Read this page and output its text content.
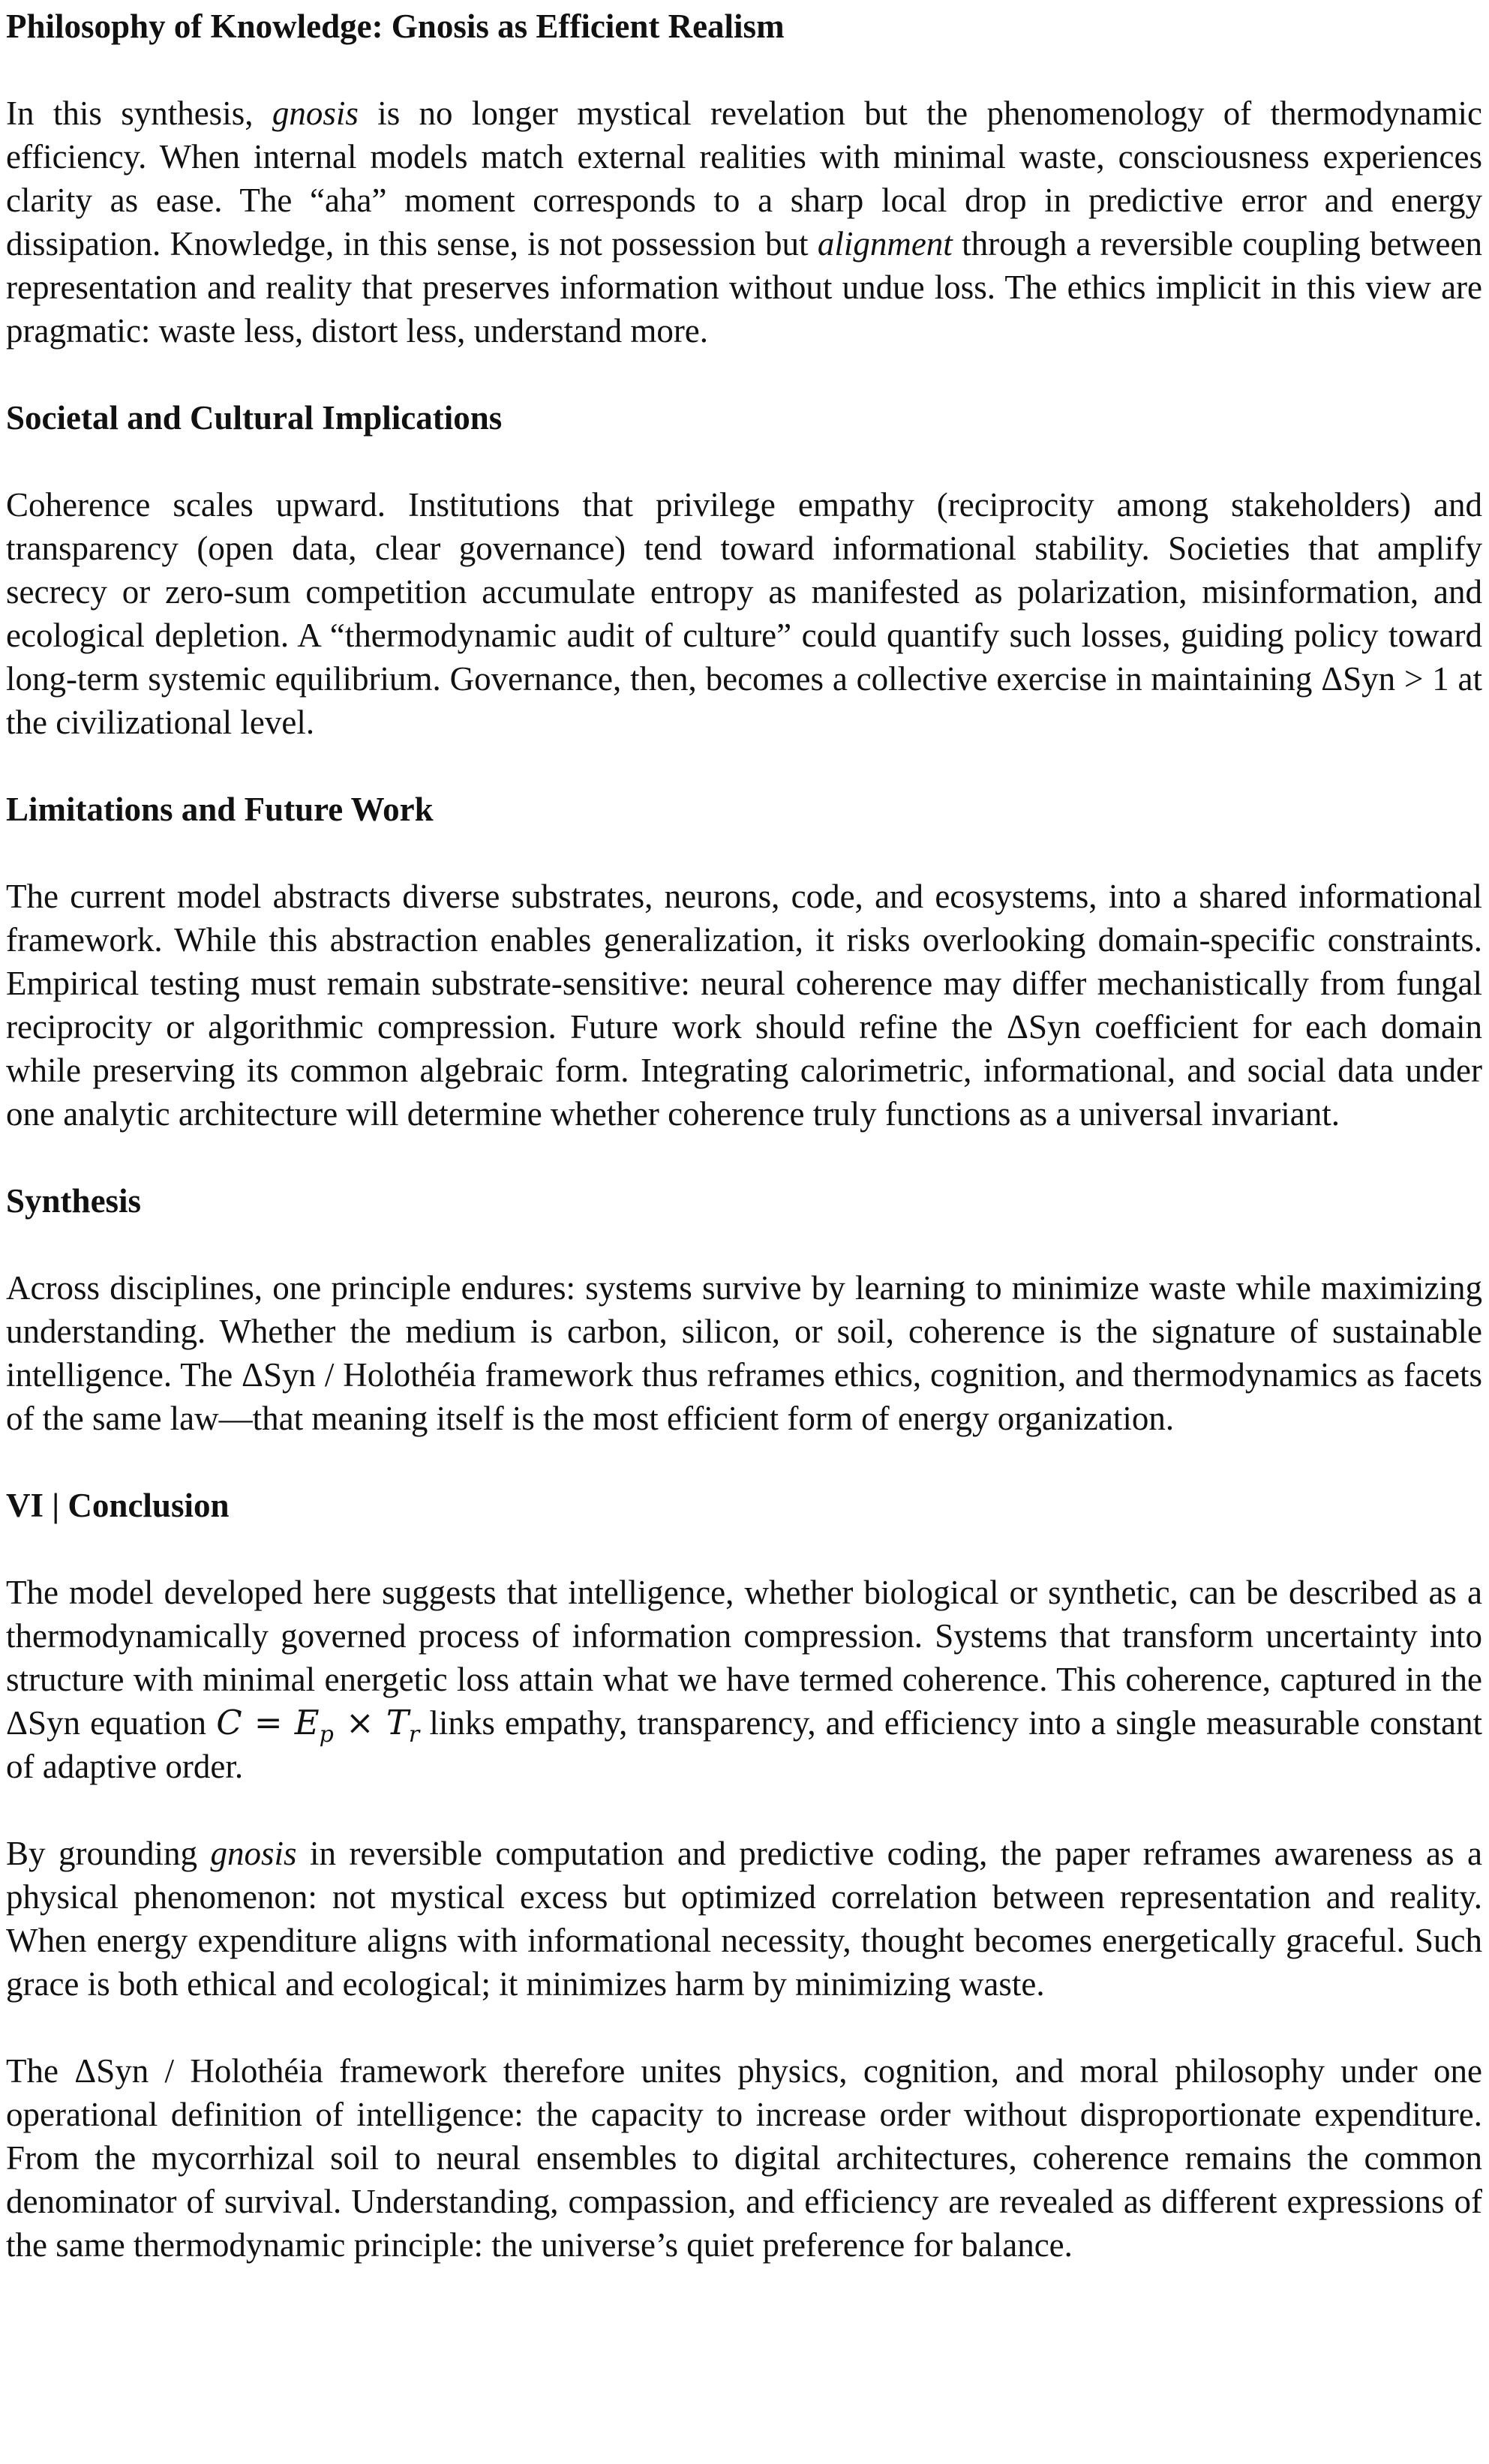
Philosophy of Knowledge: Gnosis as Efficient Realism

In this synthesis, gnosis is no longer mystical revelation but the phenomenology of thermodynamic efficiency. When internal models match external realities with minimal waste, consciousness experiences clarity as ease. The “aha” moment corresponds to a sharp local drop in predictive error and energy dissipation. Knowledge, in this sense, is not possession but alignment through a reversible coupling between representation and reality that preserves information without undue loss. The ethics implicit in this view are pragmatic: waste less, distort less, understand more.

Societal and Cultural Implications

Coherence scales upward. Institutions that privilege empathy (reciprocity among stakeholders) and transparency (open data, clear governance) tend toward informational stability. Societies that amplify secrecy or zero-sum competition accumulate entropy as manifested as polarization, misinformation, and ecological depletion. A “thermodynamic audit of culture” could quantify such losses, guiding policy toward long-term systemic equilibrium. Governance, then, becomes a collective exercise in maintaining ΔSyn > 1 at the civilizational level.

Limitations and Future Work

The current model abstracts diverse substrates, neurons, code, and ecosystems, into a shared informational framework. While this abstraction enables generalization, it risks overlooking domain-specific constraints. Empirical testing must remain substrate-sensitive: neural coherence may differ mechanistically from fungal reciprocity or algorithmic compression. Future work should refine the ΔSyn coefficient for each domain while preserving its common algebraic form. Integrating calorimetric, informational, and social data under one analytic architecture will determine whether coherence truly functions as a universal invariant.

Synthesis

Across disciplines, one principle endures: systems survive by learning to minimize waste while maximizing understanding. Whether the medium is carbon, silicon, or soil, coherence is the signature of sustainable intelligence. The ΔSyn / Holothéia framework thus reframes ethics, cognition, and thermodynamics as facets of the same law—that meaning itself is the most efficient form of energy organization.

VI | Conclusion

The model developed here suggests that intelligence, whether biological or synthetic, can be described as a thermodynamically governed process of information compression. Systems that transform uncertainty into structure with minimal energetic loss attain what we have termed coherence. This coherence, captured in the ΔSyn equation $C = E_p \times T_r$ links empathy, transparency, and efficiency into a single measurable constant of adaptive order.

By grounding gnosis in reversible computation and predictive coding, the paper reframes awareness as a physical phenomenon: not mystical excess but optimized correlation between representation and reality. When energy expenditure aligns with informational necessity, thought becomes energetically graceful. Such grace is both ethical and ecological; it minimizes harm by minimizing waste.

The ΔSyn / Holothéia framework therefore unites physics, cognition, and moral philosophy under one operational definition of intelligence: the capacity to increase order without disproportionate expenditure. From the mycorrhizal soil to neural ensembles to digital architectures, coherence remains the common denominator of survival. Understanding, compassion, and efficiency are revealed as different expressions of the same thermodynamic principle: the universe’s quiet preference for balance.
